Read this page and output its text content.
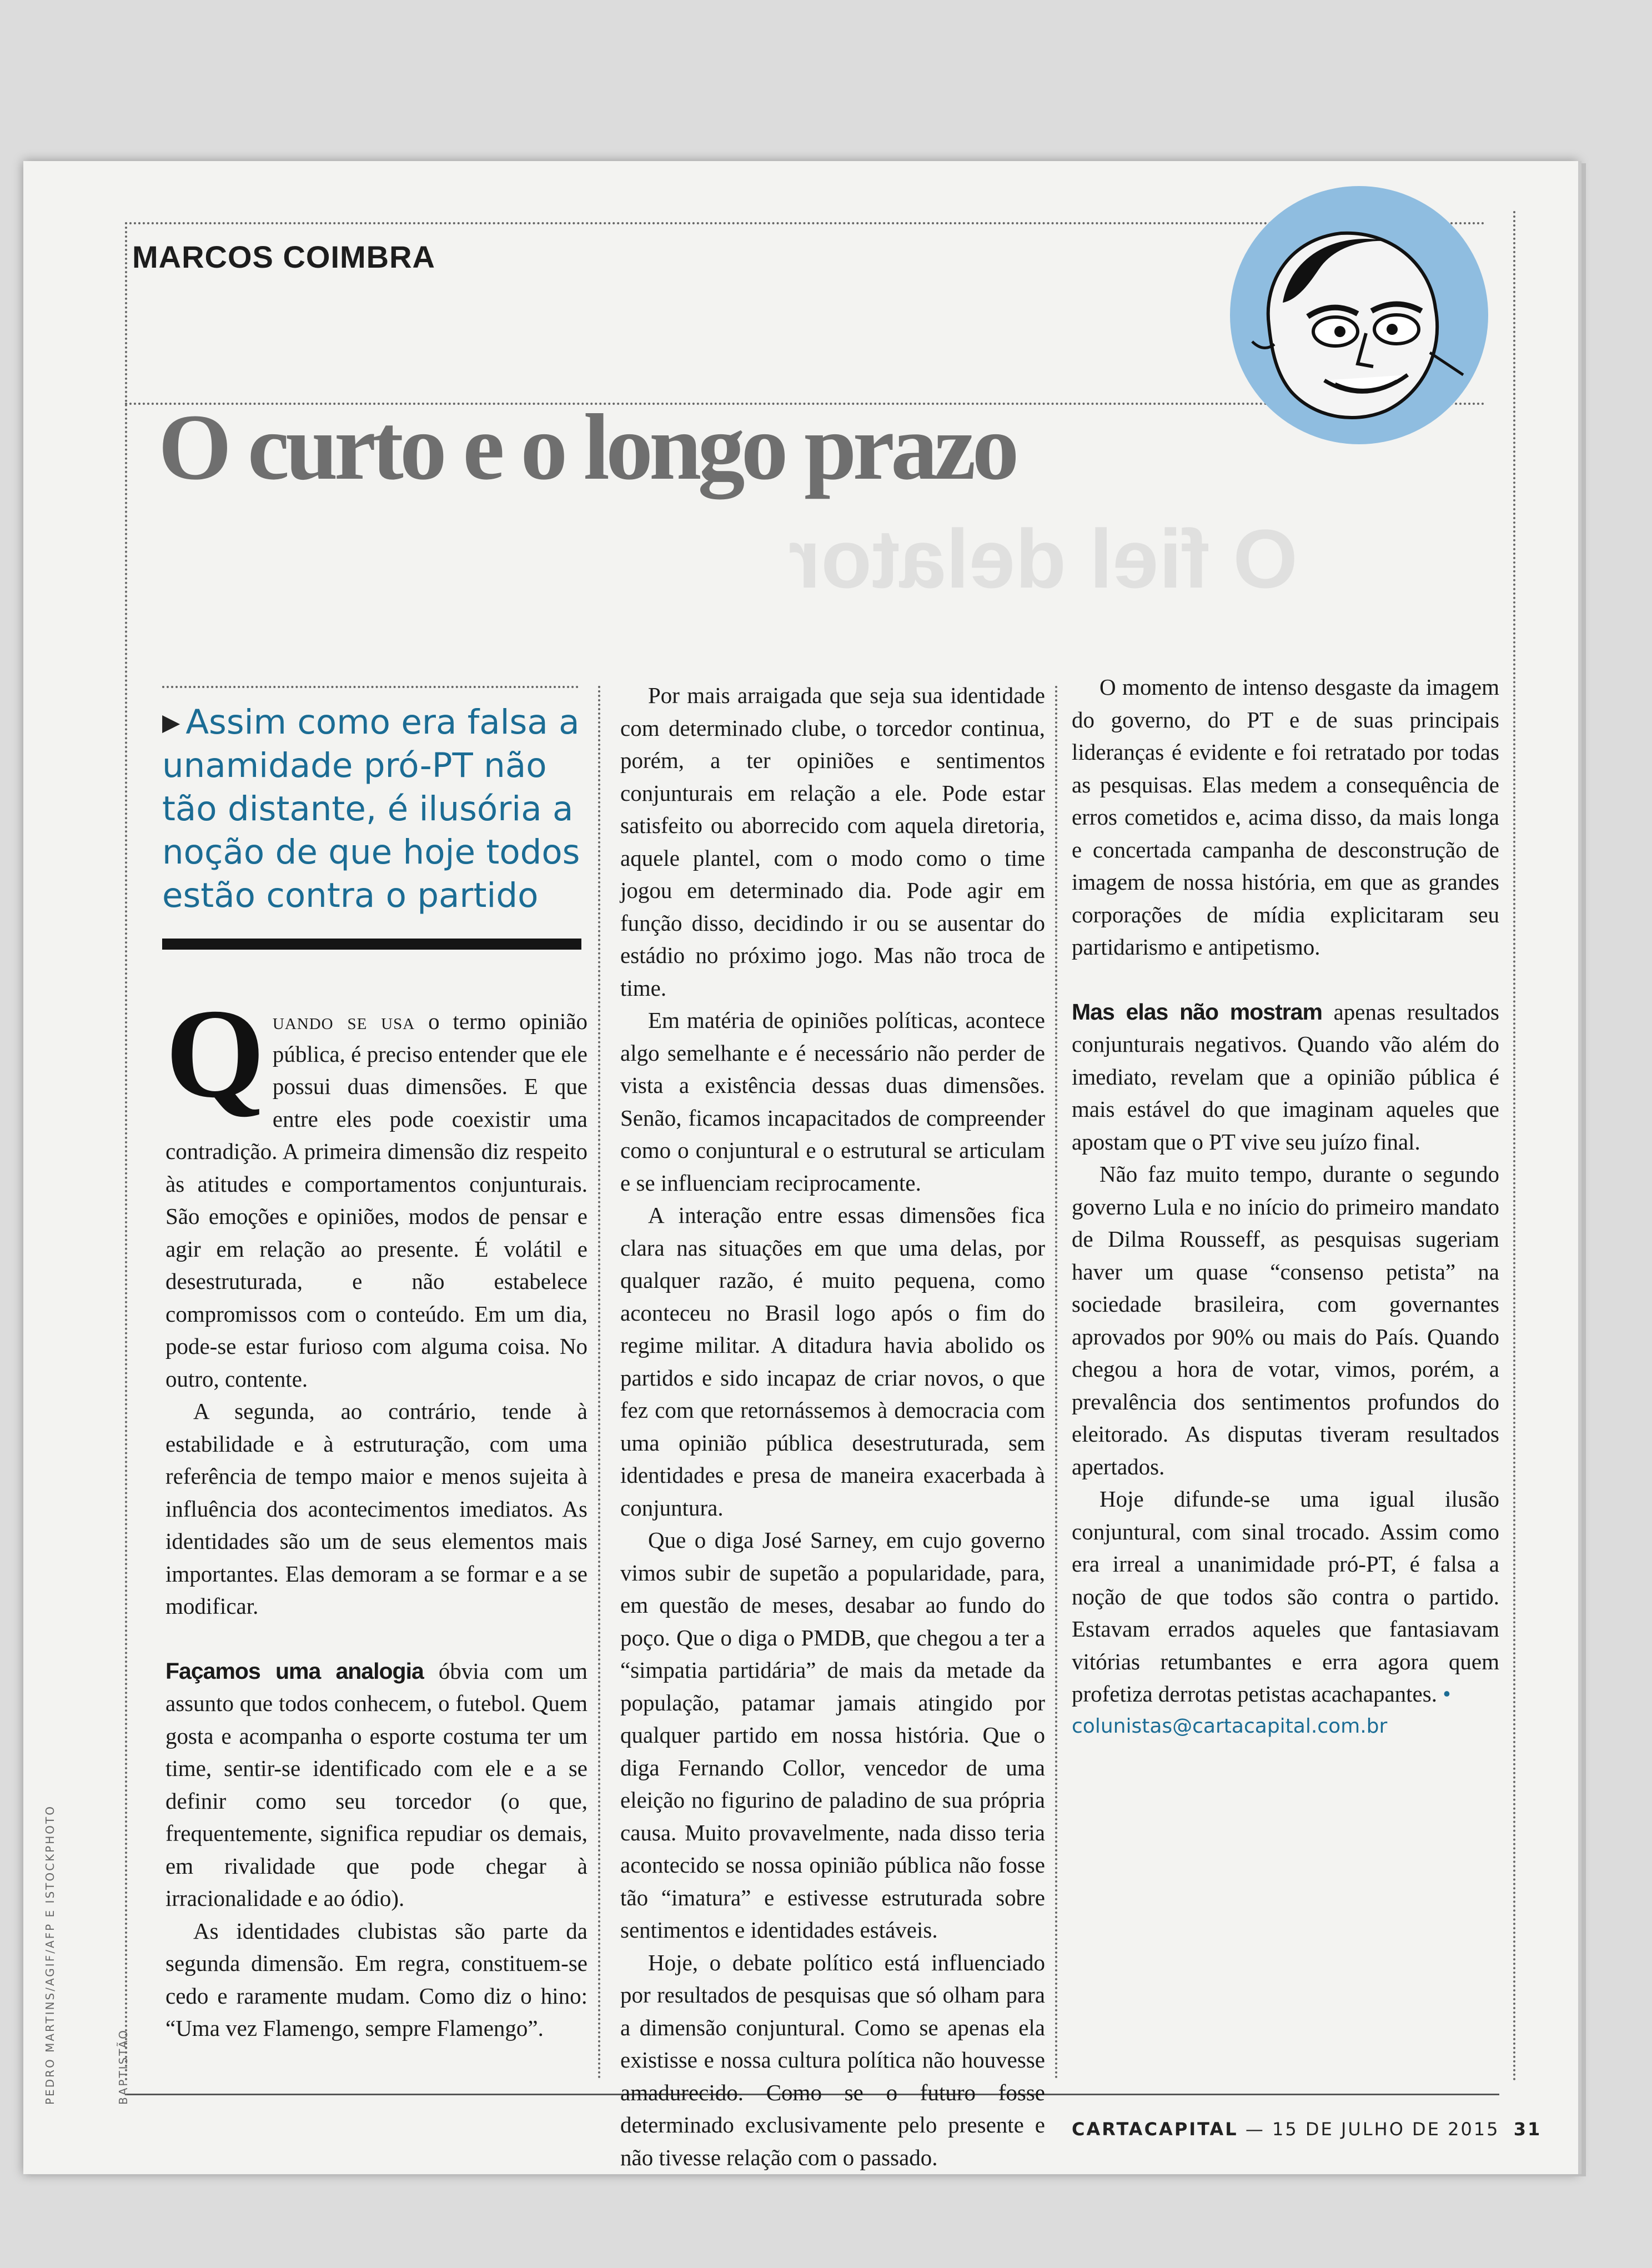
O fiel delator
MARCOS COIMBRA
O curto e o longo prazo
▶ Assim como era falsa a unamidade pró-PT não tão distante, é ilusória a noção de que hoje todos estão contra o partido

Quando se usa o termo opinião pública, é preciso entender que ele possui duas dimensões. E que entre eles pode coexistir uma contradição. A primeira dimensão diz respeito às atitudes e comportamentos conjunturais. São emoções e opiniões, modos de pensar e agir em relação ao presente. É volátil e desestruturada, e não estabelece compromissos com o conteúdo. Em um dia, pode-se estar furioso com alguma coisa. No outro, contente.

A segunda, ao contrário, tende à estabilidade e à estruturação, com uma referência de tempo maior e menos sujeita à influência dos acontecimentos imediatos. As identidades são um de seus elementos mais importantes. Elas demoram a se formar e a se modificar.

Façamos uma analogia óbvia com um assunto que todos conhecem, o futebol. Quem gosta e acompanha o esporte costuma ter um time, sentir-se identificado com ele e a se definir como seu torcedor (o que, frequentemente, significa repudiar os demais, em rivalidade que pode chegar à irracionalidade e ao ódio).

As identidades clubistas são parte da segunda dimensão. Em regra, constituem-se cedo e raramente mudam. Como diz o hino: “Uma vez Flamengo, sempre Flamengo”.

Por mais arraigada que seja sua identidade com determinado clube, o torcedor continua, porém, a ter opiniões e sentimentos conjunturais em relação a ele. Pode estar satisfeito ou aborrecido com aquela diretoria, aquele plantel, com o modo como o time jogou em determinado dia. Pode agir em função disso, decidindo ir ou se ausentar do estádio no próximo jogo. Mas não troca de time.

Em matéria de opiniões políticas, acontece algo semelhante e é necessário não perder de vista a existência dessas duas dimensões. Senão, ficamos incapacitados de compreender como o conjuntural e o estrutural se articulam e se influenciam reciprocamente.

A interação entre essas dimensões fica clara nas situações em que uma delas, por qualquer razão, é muito pequena, como aconteceu no Brasil logo após o fim do regime militar. A ditadura havia abolido os partidos e sido incapaz de criar novos, o que fez com que retornássemos à democracia com uma opinião pública desestruturada, sem identidades e presa de maneira exacerbada à conjuntura.

Que o diga José Sarney, em cujo governo vimos subir de supetão a popularidade, para, em questão de meses, desabar ao fundo do poço. Que o diga o PMDB, que chegou a ter a “simpatia partidária” de mais da metade da população, patamar jamais atingido por qualquer partido em nossa história. Que o diga Fernando Collor, vencedor de uma eleição no figurino de paladino de sua própria causa. Muito provavelmente, nada disso teria acontecido se nossa opinião pública não fosse tão “imatura” e estivesse estruturada sobre sentimentos e identidades estáveis.

Hoje, o debate político está influenciado por resultados de pesquisas que só olham para a dimensão conjuntural. Como se apenas ela existisse e nossa cultura política não houvesse amadurecido. Como se o futuro fosse determinado exclusivamente pelo presente e não tivesse relação com o passado.

O momento de intenso desgaste da imagem do governo, do PT e de suas principais lideranças é evidente e foi retratado por todas as pesquisas. Elas medem a consequência de erros cometidos e, acima disso, da mais longa e concertada campanha de desconstrução de imagem de nossa história, em que as grandes corporações de mídia explicitaram seu partidarismo e antipetismo.

Mas elas não mostram apenas resultados conjunturais negativos. Quando vão além do imediato, revelam que a opinião pública é mais estável do que imaginam aqueles que apostam que o PT vive seu juízo final.

Não faz muito tempo, durante o segundo governo Lula e no início do primeiro mandato de Dilma Rousseff, as pesquisas sugeriam haver um quase “consenso petista” na sociedade brasileira, com governantes aprovados por 90% ou mais do País. Quando chegou a hora de votar, vimos, porém, a prevalência dos sentimentos profundos do eleitorado. As disputas tiveram resultados apertados.

Hoje difunde-se uma igual ilusão conjuntural, com sinal trocado. Assim como era irreal a unanimidade pró-PT, é falsa a noção de que todos são contra o partido. Estavam errados aqueles que fantasiavam vitórias retumbantes e erra agora quem profetiza derrotas petistas acachapantes. •

colunistas@cartacapital.com.br

CARTACAPITAL — 15 DE JULHO DE 2015 31
PEDRO MARTINS/AGIF/AFP E ISTOCKPHOTO	BAPTISTÃO
